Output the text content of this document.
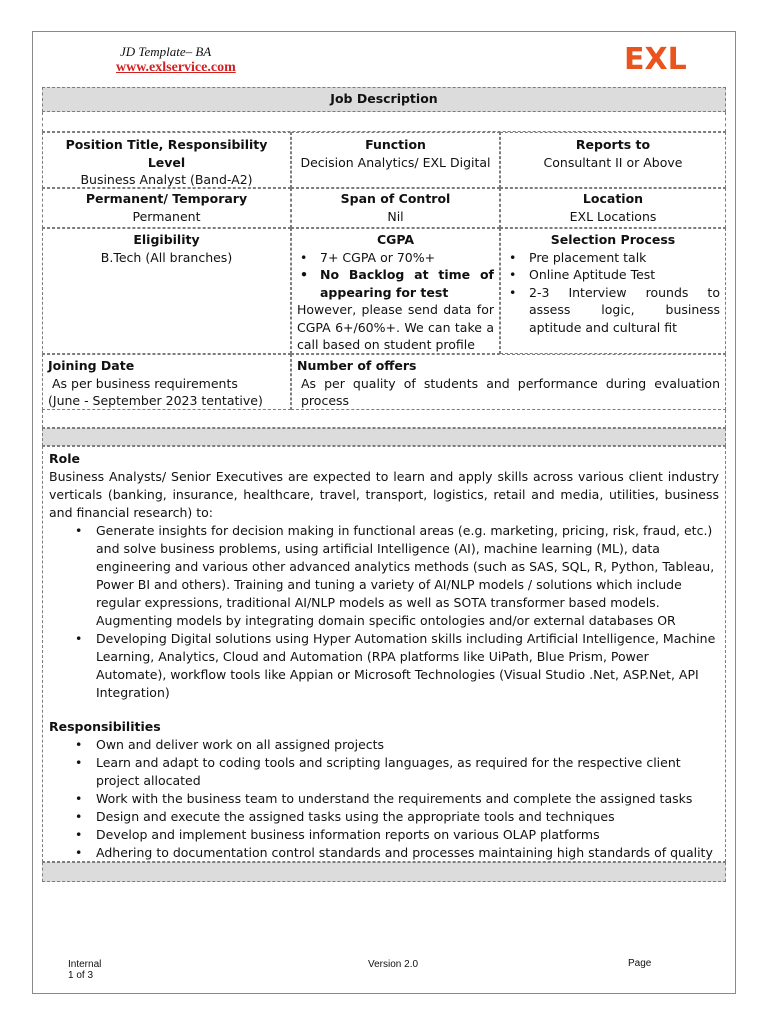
JD Template– BA
www.exlservice.com	EXL
Job Description
Position Title, Responsibility Level
Business Analyst (Band-A2)
Function
Decision Analytics/ EXL Digital
Reports to
Consultant II or Above
Permanent/ Temporary
Permanent
Span of Control
Nil
Location
EXL Locations
Eligibility
B.Tech (All branches)
CGPA
• 7+ CGPA or 70%+
• No Backlog at time of appearing for test
However, please send data for CGPA 6+/60%+. We can take a call based on student profile
Selection Process
• Pre placement talk
• Online Aptitude Test
• 2-3 Interview rounds to assess logic, business aptitude and cultural fit
Joining Date
As per business requirements
(June - September 2023 tentative)
Number of offers
As per quality of students and performance during evaluation process
Role
Business Analysts/ Senior Executives are expected to learn and apply skills across various client industry verticals (banking, insurance, healthcare, travel, transport, logistics, retail and media, utilities, business and financial research) to:
• Generate insights for decision making in functional areas (e.g. marketing, pricing, risk, fraud, etc.) and solve business problems, using artificial Intelligence (AI), machine learning (ML), data engineering and various other advanced analytics methods (such as SAS, SQL, R, Python, Tableau, Power BI and others). Training and tuning a variety of AI/NLP models / solutions which include regular expressions, traditional AI/NLP models as well as SOTA transformer based models. Augmenting models by integrating domain specific ontologies and/or external databases OR
• Developing Digital solutions using Hyper Automation skills including Artificial Intelligence, Machine Learning, Analytics, Cloud and Automation (RPA platforms like UiPath, Blue Prism, Power Automate), workflow tools like Appian or Microsoft Technologies (Visual Studio .Net, ASP.Net, API Integration)
Responsibilities
• Own and deliver work on all assigned projects
• Learn and adapt to coding tools and scripting languages, as required for the respective client project allocated
• Work with the business team to understand the requirements and complete the assigned tasks
• Design and execute the assigned tasks using the appropriate tools and techniques
• Develop and implement business information reports on various OLAP platforms
• Adhering to documentation control standards and processes maintaining high standards of quality
Internal
1 of 3
Version 2.0	Page
